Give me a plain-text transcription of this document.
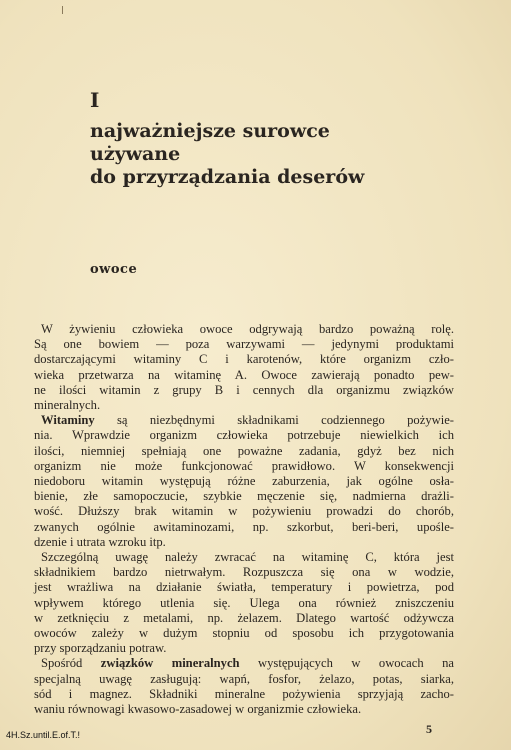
I
najważniejsze surowce
używane
do przyrządzania deserów
owoce
W żywieniu człowieka owoce odgrywają bardzo poważną rolę.
Są one bowiem — poza warzywami — jedynymi produktami
dostarczającymi witaminy C i karotenów, które organizm czło-
wieka przetwarza na witaminę A. Owoce zawierają ponadto pew-
ne ilości witamin z grupy B i cennych dla organizmu związków
mineralnych.
Witaminy są niezbędnymi składnikami codziennego pożywie-
nia. Wprawdzie organizm człowieka potrzebuje niewielkich ich
ilości, niemniej spełniają one poważne zadania, gdyż bez nich
organizm nie może funkcjonować prawidłowo. W konsekwencji
niedoboru witamin występują różne zaburzenia, jak ogólne osła-
bienie, złe samopoczucie, szybkie męczenie się, nadmierna drażli-
wość. Dłuższy brak witamin w pożywieniu prowadzi do chorób,
zwanych ogólnie awitaminozami, np. szkorbut, beri-beri, upośle-
dzenie i utrata wzroku itp.
Szczególną uwagę należy zwracać na witaminę C, która jest
składnikiem bardzo nietrwałym. Rozpuszcza się ona w wodzie,
jest wrażliwa na działanie światła, temperatury i powietrza, pod
wpływem którego utlenia się. Ulega ona również zniszczeniu
w zetknięciu z metalami, np. żelazem. Dlatego wartość odżywcza
owoców zależy w dużym stopniu od sposobu ich przygotowania
przy sporządzaniu potraw.
Spośród związków mineralnych występujących w owocach na
specjalną uwagę zasługują: wapń, fosfor, żelazo, potas, siarka,
sód i magnez. Składniki mineralne pożywienia sprzyjają zacho-
waniu równowagi kwasowo-zasadowej w organizmie człowieka.
5
4H.Sz.until.E.of.T.!
